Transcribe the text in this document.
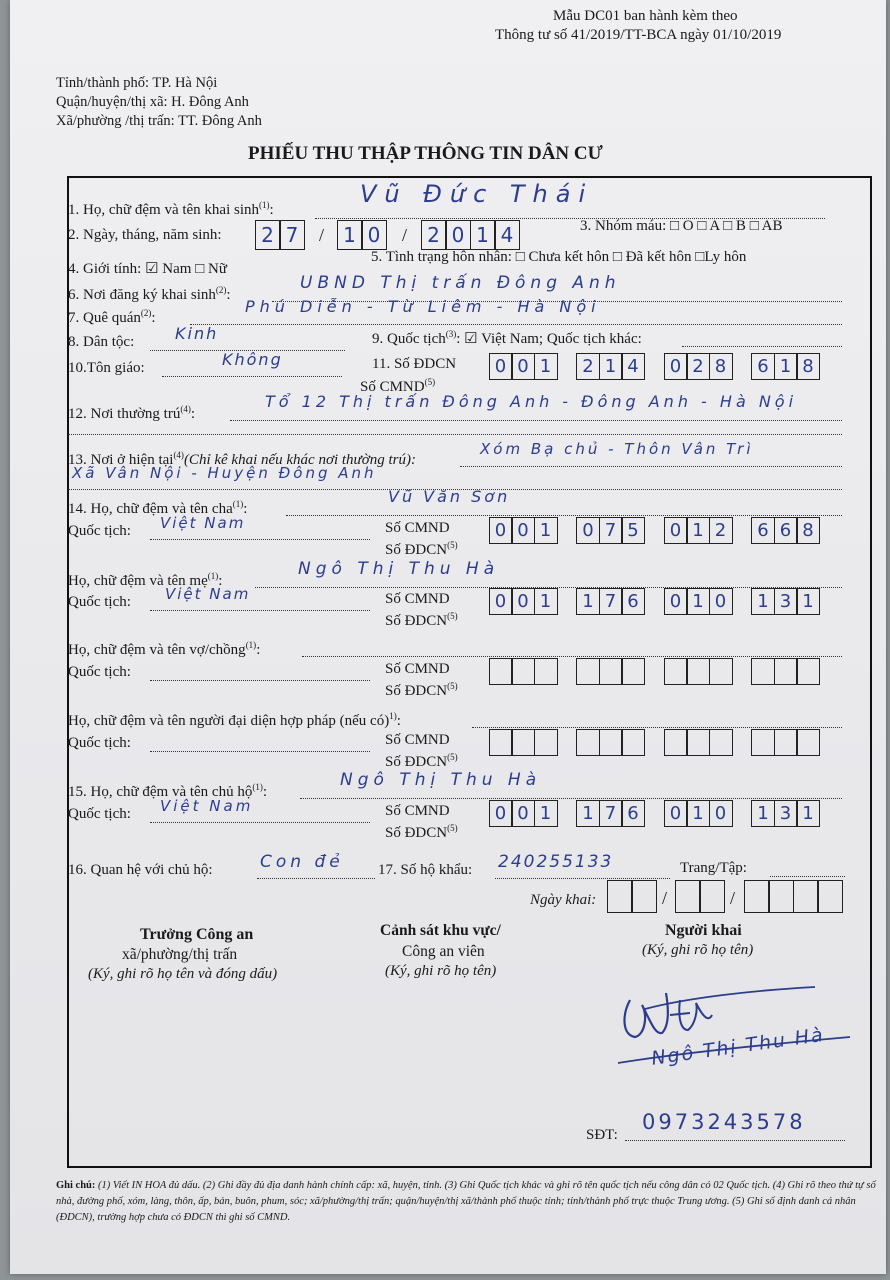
Mẫu DC01 ban hành kèm theo
Thông tư số 41/2019/TT-BCA ngày 01/10/2019
Tỉnh/thành phố: TP. Hà Nội
Quận/huyện/thị xã: H. Đông Anh
Xã/phường /thị trấn: TT. Đông Anh
PHIẾU THU THẬP THÔNG TIN DÂN CƯ
1. Họ, chữ đệm và tên khai $\sinh^{(1)}$:
Vũ Đức Thái
2. Ngày, tháng, năm sinh:	2 7	/ 1 0	/	2 0 1 4	3. Nhóm máu: □ O □ A □ B □ AB
4. Giới tính: ☑ Nam □ Nữ
5. Tình trạng hôn nhân: □ Chưa kết hôn □ Đã kết hôn □Ly hôn
6. Nơi đăng ký khai $\sinh^{(2)}$:
UBND Thị trấn Đông Anh
7. Quê quán$^{(2)}$:
Phú Diễn - Từ Liêm - Hà Nội
8. Dân tộc:	Kinh	9. Quốc tịch$^{(3)}$: ☑ Việt Nam; Quốc tịch khác:
10.Tôn giáo:	Không	11. Số ĐDCN
Số CMND$^{(5)}$
0 0 1	2 1 4	0 2 8	6 1 8
12. Nơi thường trú$^{(4)}$:
Tổ 12 Thị trấn Đông Anh - Đông Anh - Hà Nội
13. Nơi ở hiện tại$^{(4)}$(Chỉ kê khai nếu khác nơi thường trú):
Xóm Bạ chủ - Thôn Vân Trì
Xã Vân Nội - Huyện Đông Anh
14. Họ, chữ đệm và tên cha$^{(1)}$:
Vũ Văn Sơn
Quốc tịch: Việt Nam	Số CMND
Số ĐDCN$^{(5)}$
0 0 1	0 7 5	0 1 2	6 6 8
Họ, chữ đệm và tên mẹ$^{(1)}$:
Ngô Thị Thu Hà
Quốc tịch: Việt Nam	Số CMND
Số ĐDCN$^{(5)}$
0 0 1	1 7 6	0 1 0	1 3 1
Họ, chữ đệm và tên vợ/chồng$^{(1)}$:
Quốc tịch:	Số CMND
Số ĐDCN$^{(5)}$
Họ, chữ đệm và tên người đại diện hợp pháp (nếu có)$^{1)}$:
Quốc tịch:	Số CMND
Số ĐDCN$^{(5)}$
15. Họ, chữ đệm và tên chủ hộ$^{(1)}$:
Ngô Thị Thu Hà
Quốc tịch: Việt Nam	Số CMND
Số ĐDCN$^{(5)}$
0 0 1	1 7 6	0 1 0	1 3 1
16. Quan hệ với chủ hộ:	Con đẻ 17. Số hộ khẩu: 240255133	Trang/Tập:
Ngày khai:	/	/
Trưởng Công an
xã/phường/thị trấn
(Ký, ghi rõ họ tên và đóng dấu)
Cảnh sát khu vực/
Công an viên
(Ký, ghi rõ họ tên)
Người khai
(Ký, ghi rõ họ tên)
Ngô Thị Thu Hà
SĐT:
0973243578
Ghi chú: (1) Viết IN HOA đủ dấu. (2) Ghi đầy đủ địa danh hành chính cấp: xã, huyện, tỉnh. (3) Ghi Quốc tịch khác và ghi rõ tên quốc tịch nếu công dân có 02 Quốc tịch. (4) Ghi rõ theo thứ tự số nhà, đường phố, xóm, làng, thôn, ấp, bản, buôn, phum, sóc; xã/phường/thị trấn; quận/huyện/thị xã/thành phố thuộc tỉnh; tỉnh/thành phố trực thuộc Trung ương. (5) Ghi số định danh cá nhân (ĐDCN), trường hợp chưa có ĐDCN thì ghi số CMND.
